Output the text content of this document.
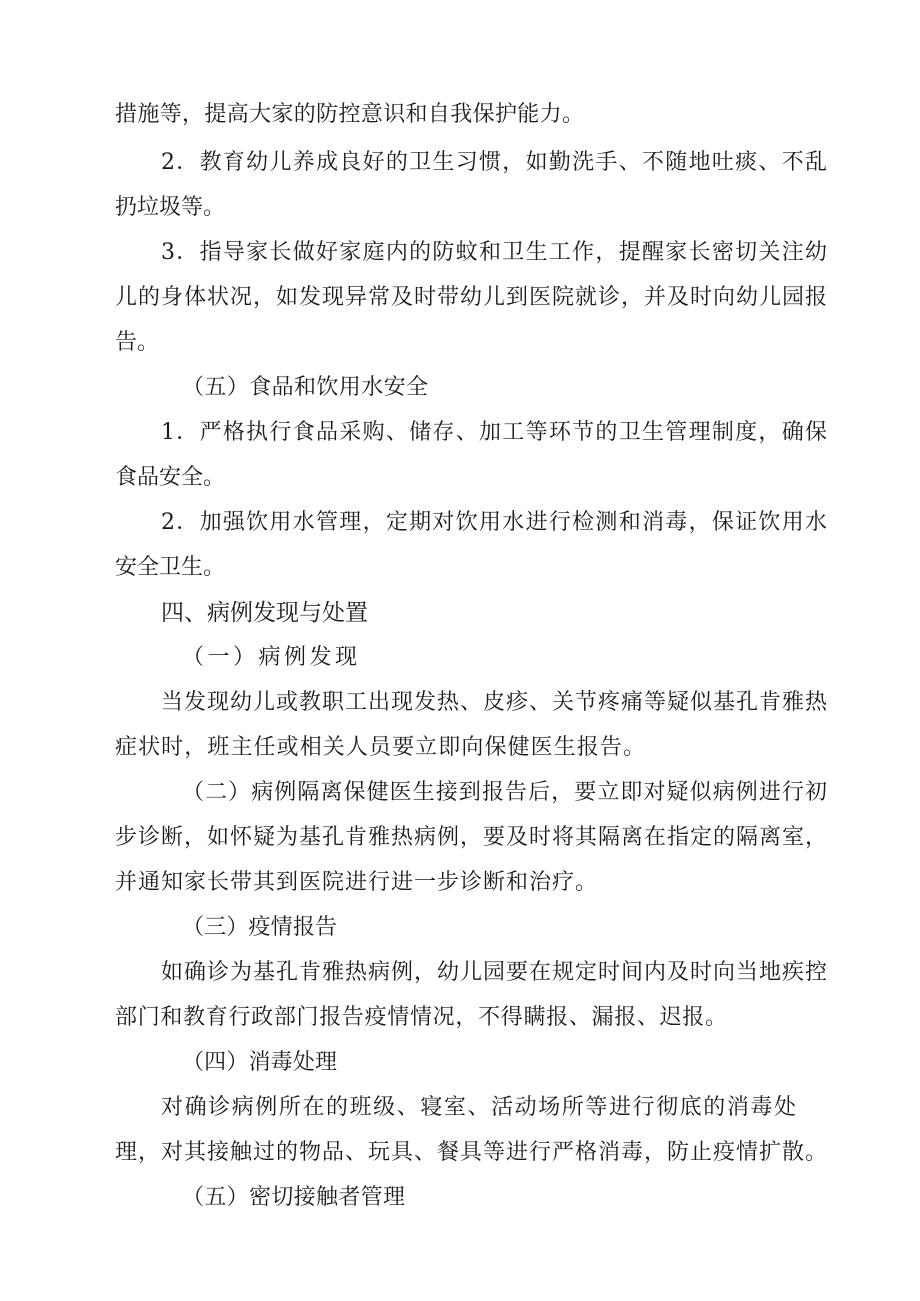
措施等，提高大家的防控意识和自我保护能力。
2．教育幼儿养成良好的卫生习惯，如勤洗手、不随地吐痰、不乱
扔垃圾等。
3．指导家长做好家庭内的防蚊和卫生工作，提醒家长密切关注幼
儿的身体状况，如发现异常及时带幼儿到医院就诊，并及时向幼儿园报
告。
（五）食品和饮用水安全
1．严格执行食品采购、储存、加工等环节的卫生管理制度，确保
食品安全。
2．加强饮用水管理，定期对饮用水进行检测和消毒，保证饮用水
安全卫生。
四、病例发现与处置
（一）病例发现
当发现幼儿或教职工出现发热、皮疹、关节疼痛等疑似基孔肯雅热
症状时，班主任或相关人员要立即向保健医生报告。
（二）病例隔离保健医生接到报告后，要立即对疑似病例进行初
步诊断，如怀疑为基孔肯雅热病例，要及时将其隔离在指定的隔离室，
并通知家长带其到医院进行进一步诊断和治疗。
（三）疫情报告
如确诊为基孔肯雅热病例，幼儿园要在规定时间内及时向当地疾控
部门和教育行政部门报告疫情情况，不得瞒报、漏报、迟报。
（四）消毒处理
对确诊病例所在的班级、寝室、活动场所等进行彻底的消毒处
理，对其接触过的物品、玩具、餐具等进行严格消毒，防止疫情扩散。
（五）密切接触者管理
